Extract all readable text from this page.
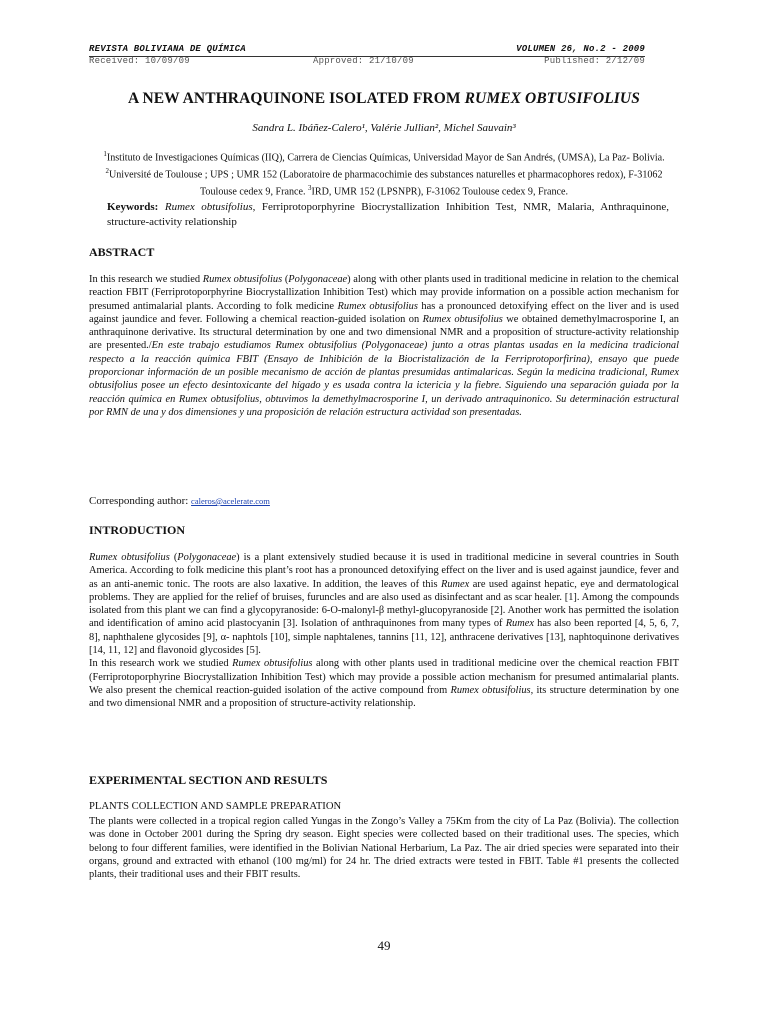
REVISTA BOLIVIANA DE QUÍMICA	VOLUMEN 26, No.2 - 2009
Received: 10/09/09	Approved: 21/10/09	Published: 2/12/09
A NEW ANTHRAQUINONE ISOLATED FROM RUMEX OBTUSIFOLIUS
Sandra L. Ibáñez-Calero¹, Valérie Jullian², Michel Sauvain³
$^1$Instituto de Investigaciones Químicas (IIQ), Carrera de Ciencias Químicas, Universidad Mayor de San Andrés, (UMSA), La Paz- Bolivia. $^2$Université de Toulouse ; UPS ; UMR 152 (Laboratoire de pharmacochimie des substances naturelles et pharmacophores redox), F-31062 Toulouse cedex 9, France. $^3$IRD, UMR 152 (LPSNPR), F-31062 Toulouse cedex 9, France.
Keywords: Rumex obtusifolius, Ferriprotoporphyrine Biocrystallization Inhibition Test, NMR, Malaria, Anthraquinone, structure-activity relationship
ABSTRACT
In this research we studied Rumex obtusifolius (Polygonaceae) along with other plants used in traditional medicine in relation to the chemical reaction FBIT (Ferriprotoporphyrine Biocrystallization Inhibition Test) which may provide information on a possible action mechanism for presumed antimalarial plants. According to folk medicine Rumex obtusifolius has a pronounced detoxifying effect on the liver and is used against jaundice and fever. Following a chemical reaction-guided isolation on Rumex obtusifolius we obtained demethylmacrosporine I, an anthraquinone derivative. Its structural determination by one and two dimensional NMR and a proposition of structure-activity relationship are presented./En este trabajo estudiamos Rumex obtusifolius (Polygonaceae) junto a otras plantas usadas en la medicina tradicional respecto a la reacción química FBIT (Ensayo de Inhibición de la Biocristalización de la Ferriprotoporfirina), ensayo que puede proporcionar información de un posible mecanismo de acción de plantas presumidas antimalaricas. Según la medicina tradicional, Rumex obtusifolius posee un efecto desintoxicante del hígado y es usada contra la ictericia y la fiebre. Siguiendo una separación guiada por la reacción química en Rumex obtusifolius, obtuvimos la demethylmacrosporine I, un derivado antraquinonico. Su determinación estructural por RMN de una y dos dimensiones y una proposición de relación estructura actividad son presentadas.
Corresponding author: caleros@acelerate.com
INTRODUCTION
Rumex obtusifolius (Polygonaceae) is a plant extensively studied because it is used in traditional medicine in several countries in South America. According to folk medicine this plant’s root has a pronounced detoxifying effect on the liver and is used against jaundice, fever and as an anti-anemic tonic. The roots are also laxative. In addition, the leaves of this Rumex are used against hepatic, eye and dermatological problems. They are applied for the relief of bruises, furuncles and are also used as disinfectant and as scar healer. [1]. Among the compounds isolated from this plant we can find a glycopyranoside: 6-O-malonyl-β methyl-glucopyranoside [2]. Another work has permitted the isolation and identification of amino acid plastocyanin [3]. Isolation of anthraquinones from many types of Rumex has also been reported [4, 5, 6, 7, 8], naphthalene glycosides [9], α- naphtols [10], simple naphtalenes, tannins [11, 12], anthracene derivatives [13], naphtoquinone derivatives [14, 11, 12] and flavonoid glycosides [5].
In this research work we studied Rumex obtusifolius along with other plants used in traditional medicine over the chemical reaction FBIT (Ferriprotoporphyrine Biocrystallization Inhibition Test) which may provide a possible action mechanism for presumed antimalarial plants. We also present the chemical reaction-guided isolation of the active compound from Rumex obtusifolius, its structure determination by one and two dimensional NMR and a proposition of structure-activity relationship.
EXPERIMENTAL SECTION AND RESULTS
PLANTS COLLECTION AND SAMPLE PREPARATION
The plants were collected in a tropical region called Yungas in the Zongo’s Valley a 75Km from the city of La Paz (Bolivia). The collection was done in October 2001 during the Spring dry season. Eight species were collected based on their traditional uses. The species, which belong to four different families, were identified in the Bolivian National Herbarium, La Paz. The air dried species were separated into their organs, ground and extracted with ethanol (100 mg/ml) for 24 hr. The dried extracts were tested in FBIT. Table #1 presents the collected plants, their traditional uses and their FBIT results.
49
